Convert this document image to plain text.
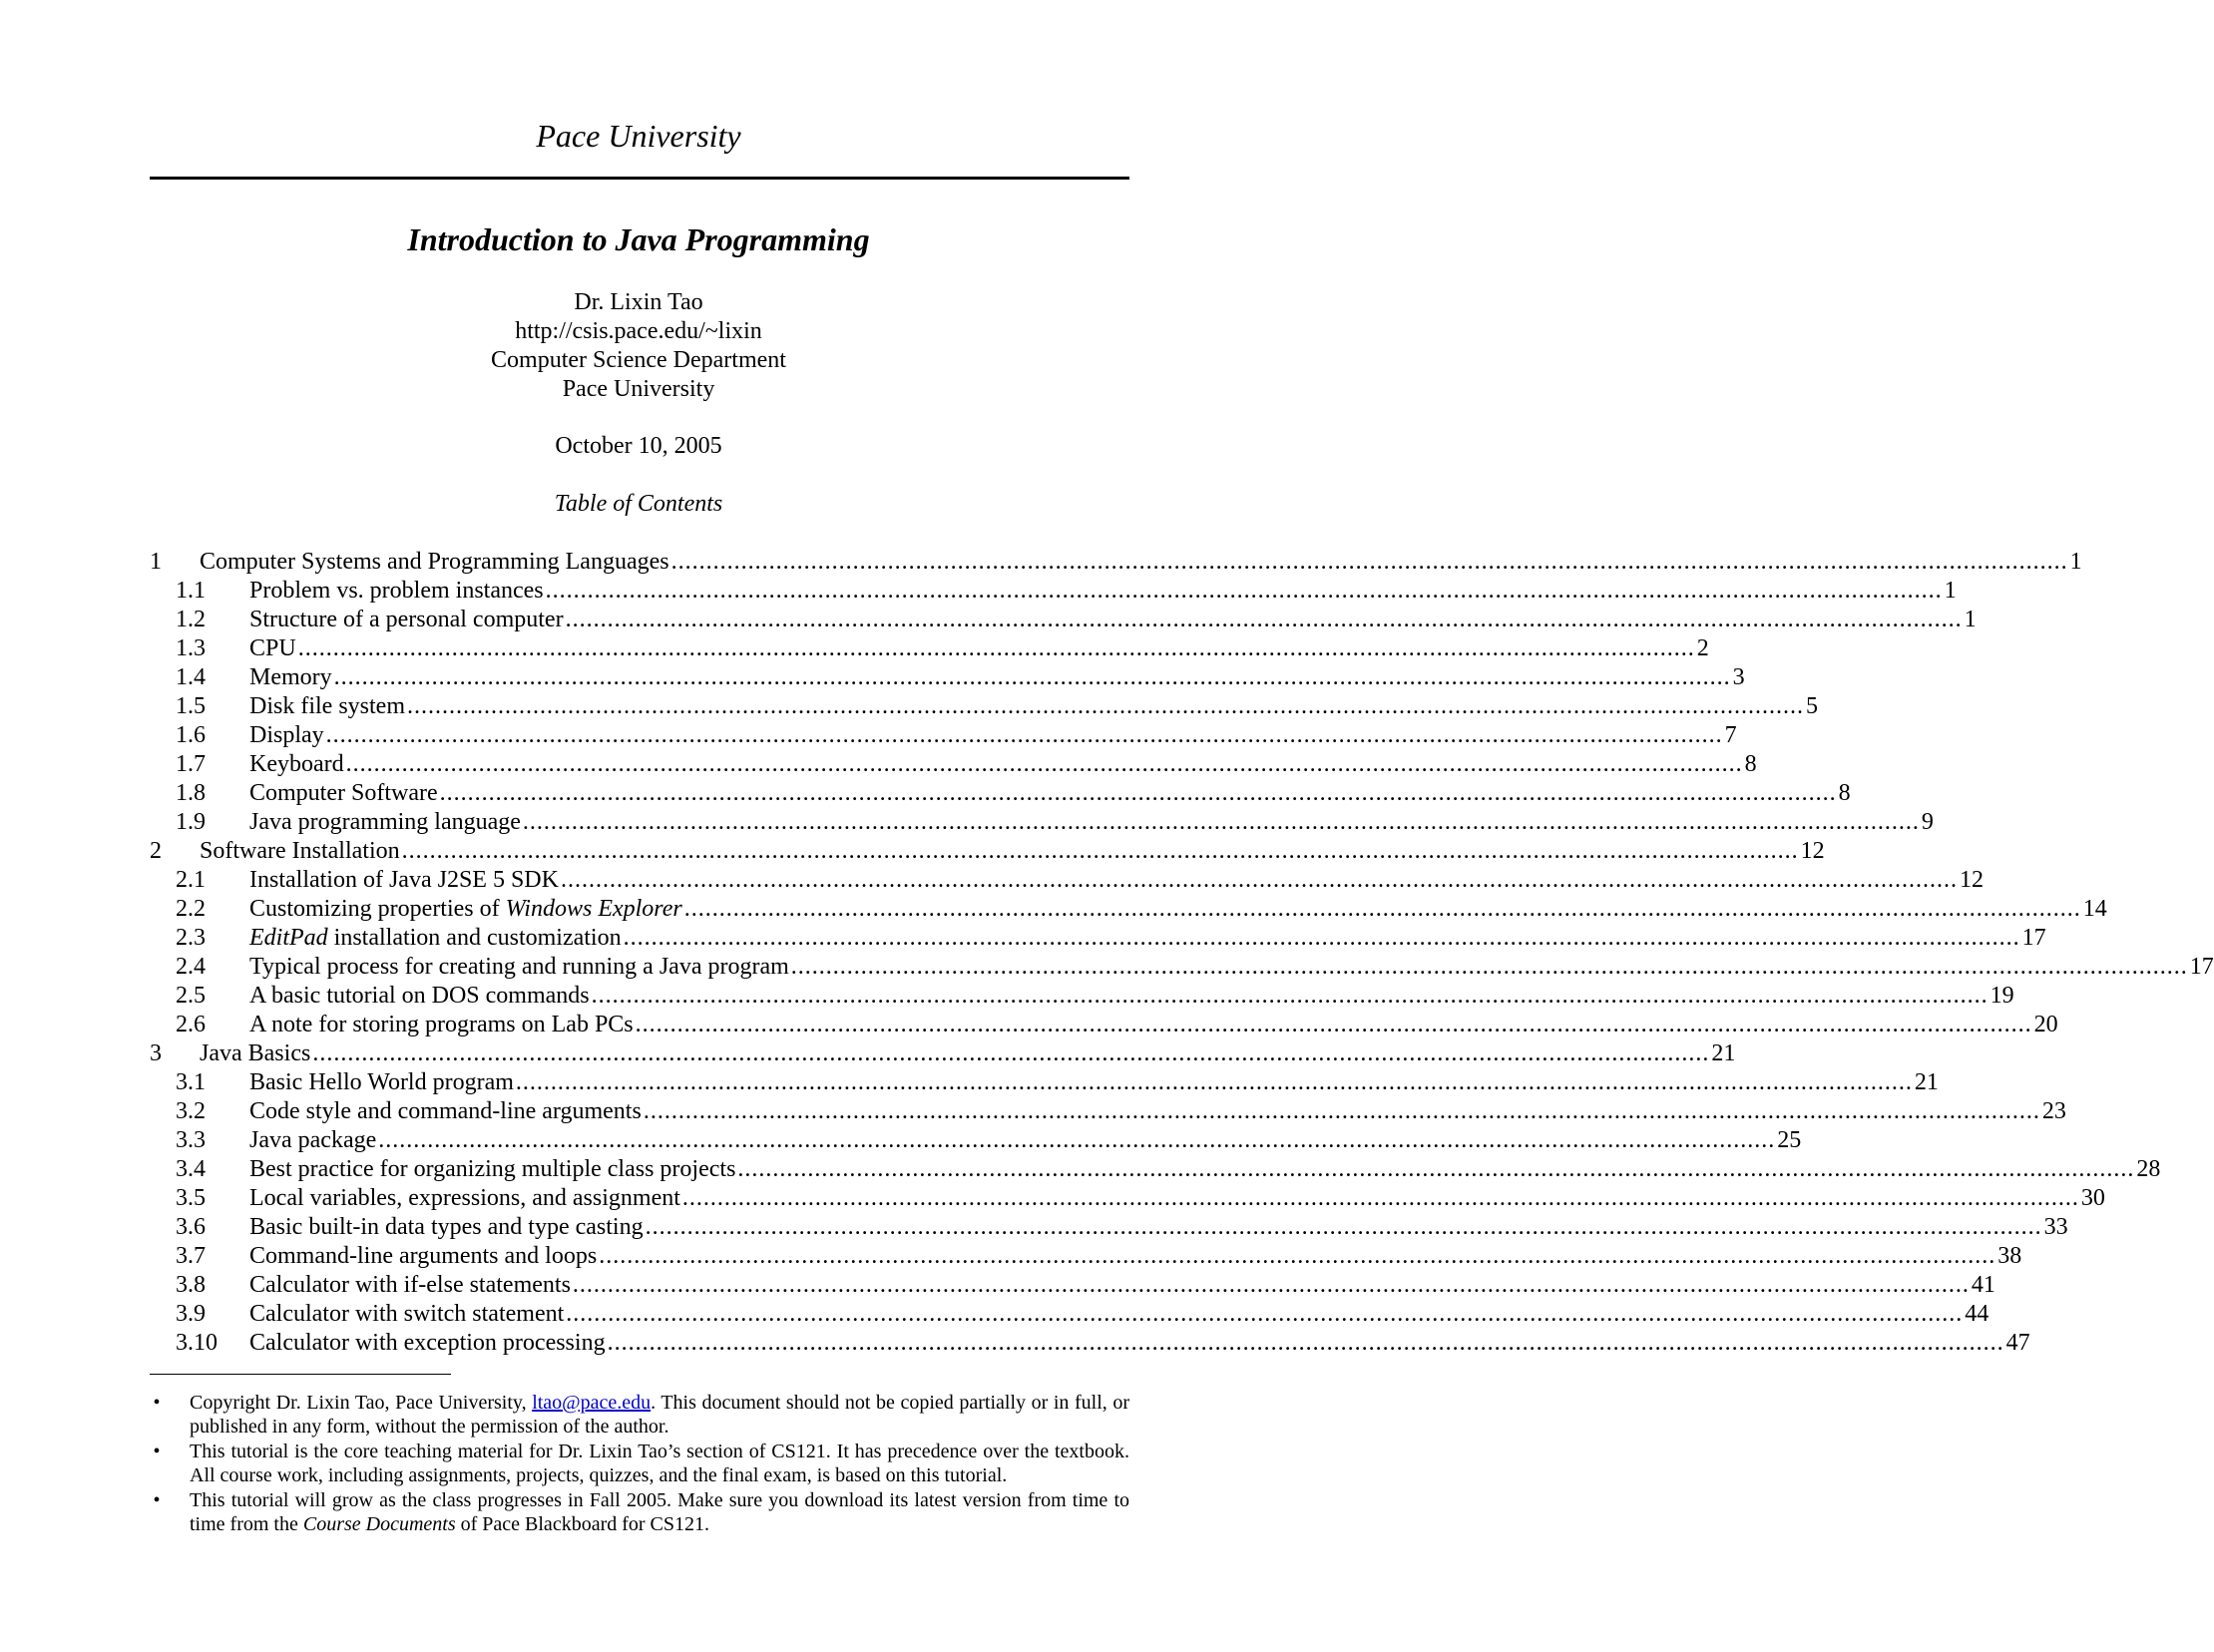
Pace University
Introduction to Java Programming
Dr. Lixin Tao
http://csis.pace.edu/~lixin
Computer Science Department
Pace University
October 10, 2005
Table of Contents
1 Computer Systems and Programming Languages ........................................................................................................................................................................................................ 1
1.1 Problem vs. problem instances ........................................................................................................................................................................................................ 1
1.2 Structure of a personal computer ........................................................................................................................................................................................................ 1
1.3 CPU ........................................................................................................................................................................................................ 2
1.4 Memory ........................................................................................................................................................................................................ 3
1.5 Disk file system ........................................................................................................................................................................................................ 5
1.6 Display ........................................................................................................................................................................................................ 7
1.7 Keyboard ........................................................................................................................................................................................................ 8
1.8 Computer Software ........................................................................................................................................................................................................ 8
1.9 Java programming language ........................................................................................................................................................................................................ 9
2 Software Installation ........................................................................................................................................................................................................ 12
2.1 Installation of Java J2SE 5 SDK ........................................................................................................................................................................................................ 12
2.2 Customizing properties of Windows Explorer ........................................................................................................................................................................................................ 14
2.3 EditPad installation and customization ........................................................................................................................................................................................................ 17
2.4 Typical process for creating and running a Java program ........................................................................................................................................................................................................ 17
2.5 A basic tutorial on DOS commands ........................................................................................................................................................................................................ 19
2.6 A note for storing programs on Lab PCs ........................................................................................................................................................................................................ 20
3 Java Basics ........................................................................................................................................................................................................ 21
3.1 Basic Hello World program ........................................................................................................................................................................................................ 21
3.2 Code style and command-line arguments ........................................................................................................................................................................................................ 23
3.3 Java package ........................................................................................................................................................................................................ 25
3.4 Best practice for organizing multiple class projects ........................................................................................................................................................................................................ 28
3.5 Local variables, expressions, and assignment ........................................................................................................................................................................................................ 30
3.6 Basic built-in data types and type casting ........................................................................................................................................................................................................ 33
3.7 Command-line arguments and loops ........................................................................................................................................................................................................ 38
3.8 Calculator with if-else statements ........................................................................................................................................................................................................ 41
3.9 Calculator with switch statement ........................................................................................................................................................................................................ 44
3.10 Calculator with exception processing ........................................................................................................................................................................................................ 47
• Copyright Dr. Lixin Tao, Pace University, ltao@pace.edu. This document should not be copied partially or in full, or published in any form, without the permission of the author.
• This tutorial is the core teaching material for Dr. Lixin Tao’s section of CS121. It has precedence over the textbook. All course work, including assignments, projects, quizzes, and the final exam, is based on this tutorial.
• This tutorial will grow as the class progresses in Fall 2005. Make sure you download its latest version from time to time from the Course Documents of Pace Blackboard for CS121.
